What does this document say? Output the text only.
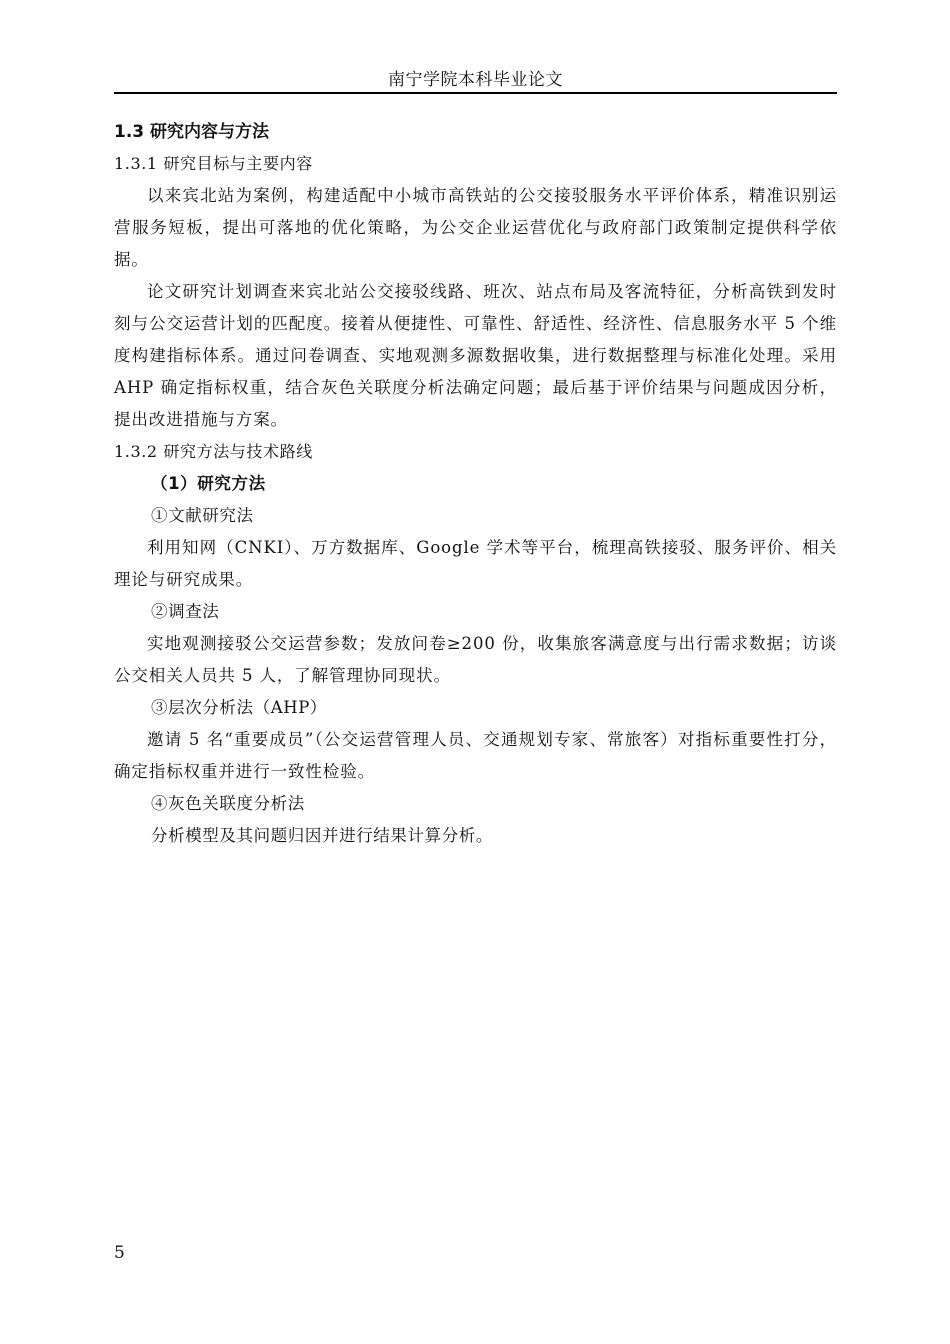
南宁学院本科毕业论文
1.3 研究内容与方法
1.3.1 研究目标与主要内容

以来宾北站为案例，构建适配中小城市高铁站的公交接驳服务水平评价体系，精准识别运营服务短板，提出可落地的优化策略，为公交企业运营优化与政府部门政策制定提供科学依据。

论文研究计划调查来宾北站公交接驳线路、班次、站点布局及客流特征，分析高铁到发时刻与公交运营计划的匹配度。接着从便捷性、可靠性、舒适性、经济性、信息服务水平 5 个维度构建指标体系。通过问卷调查、实地观测多源数据收集，进行数据整理与标准化处理。采用 AHP 确定指标权重，结合灰色关联度分析法确定问题；最后基于评价结果与问题成因分析，提出改进措施与方案。

1.3.2 研究方法与技术路线
（1）研究方法
①文献研究法

利用知网（CNKI）、万方数据库、Google 学术等平台，梳理高铁接驳、服务评价、相关理论与研究成果。

②调查法

实地观测接驳公交运营参数；发放问卷≥200 份，收集旅客满意度与出行需求数据；访谈公交相关人员共 5 人，了解管理协同现状。

③层次分析法（AHP）

邀请 5 名“重要成员”（公交运营管理人员、交通规划专家、常旅客）对指标重要性打分，确定指标权重并进行一致性检验。

④灰色关联度分析法
分析模型及其问题归因并进行结果计算分析。
5
